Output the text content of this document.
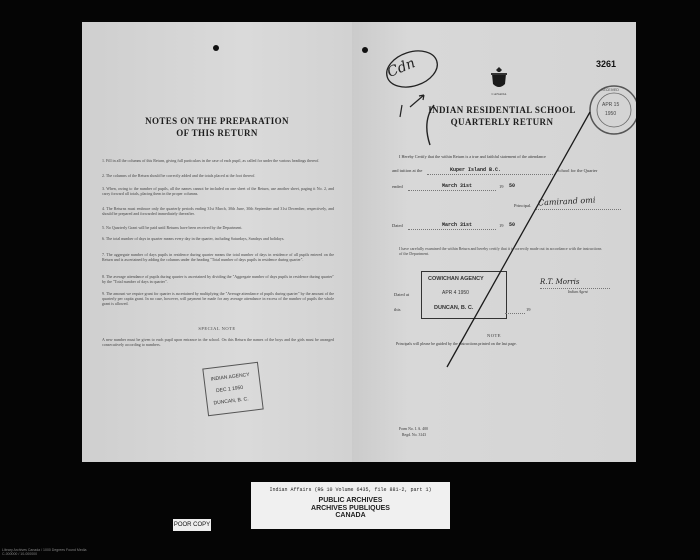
NOTES ON THE PREPARATION
OF THIS RETURN
1. Fill in all the columns of this Return, giving full particulars in the case of each pupil, as called for under the various headings thereof.
2. The columns of the Return should be correctly added and the totals placed at the foot thereof.
3. When, owing to the number of pupils, all the names cannot be included on one sheet of the Return, use another sheet, paging it No. 2, and carry forward all totals, placing them in the proper columns.
4. The Returns must embrace only the quarterly periods ending 31st March, 30th June, 30th September and 31st December, respectively, and should be prepared and forwarded immediately thereafter.
5. No Quarterly Grant will be paid until Returns have been received by the Department.
6. The total number of days in quarter means every day in the quarter, including Saturdays, Sundays and holidays.
7. The aggregate number of days pupils in residence during quarter means the total number of days in residence of all pupils entered on the Return and is ascertained by adding the columns under the heading "Total number of days pupils in residence during quarter".
8. The average attendance of pupils during quarter is ascertained by dividing the "Aggregate number of days pupils in residence during quarter" by the "Total number of days in quarter".
9. The amount we require grant for quarter is ascertained by multiplying the "Average attendance of pupils during quarter" by the amount of the quarterly per capita grant. In no case, however, will payment be made for any average attendance in excess of the number of pupils the whole grant is allowed.
SPECIAL NOTE
A new number must be given to each pupil upon entrance in the school. On this Return the names of the boys and the girls must be arranged consecutively according to numbers.
INDIAN AGENCY
DEC 1 1950
DUNCAN, B. C.
3261
CANADA
Cdn
APR 15
1950
RECEIVED
INDIAN RESIDENTIAL SCHOOL
QUARTERLY RETURN
I Hereby Certify that the within Return is a true and faithful statement of the attendance
and tuition at the	Kuper Island B.C.	School for the Quarter
ended	March 31st	19 50
Principal. Camirand omi
Dated	March 31st	19 50
I have carefully examined the within Return and hereby certify that it is correctly made out in accordance with the instructions of the Department.
R.T. Morris
Indian Agent
COWICHAN AGENCY
APR 4 1950
DUNCAN, B. C.
Dated at
this	19
NOTE
Principals will please be guided by the instructions printed on the last page.
Form No. I. A. 400
Regd. No. 3143
Indian Affairs (RG 10 Volume 6435, file 881-2, part 1)
PUBLIC ARCHIVES
ARCHIVES PUBLIQUES
CANADA
POOR COPY
Library Archives Canada / 1000 Degrees Found Media
C-000000 / 10-000000
